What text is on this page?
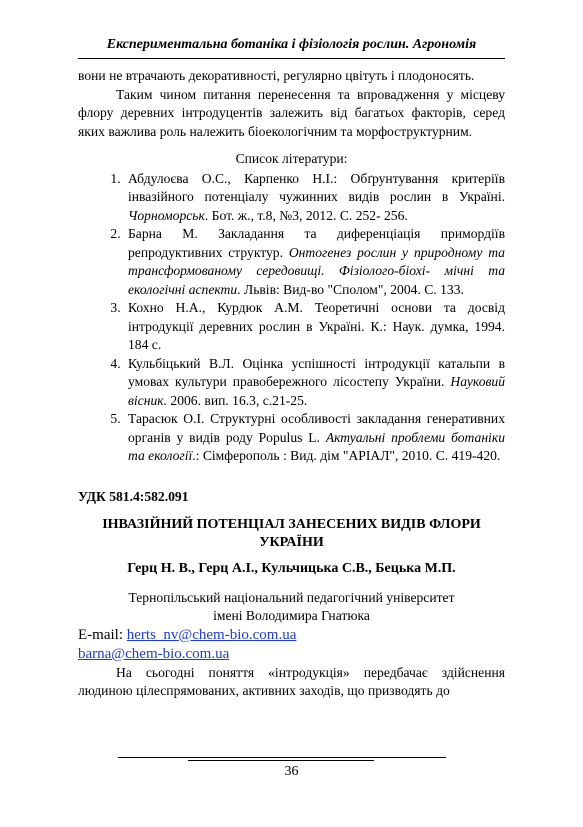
Експериментальна ботаніка і фізіологія рослин. Агрономія

вони не втрачають декоративності, регулярно цвітуть і плодоносять.

Таким чином питання перенесення та впровадження у місцеву флору деревних інтродуцентів залежить від багатьох факторів, серед яких важлива роль належить біоекологічним та морфоструктурним.

Список літератури:

1. Абдулоєва О.С., Карпенко Н.І.: Обґрунтування критеріїв інвазійного потенціалу чужинних видів рослин в Україні. Чорноморськ. Бот. ж., т.8, №3, 2012. С. 252- 256.
2. Барна М. Закладання та диференціація примордіїв репродуктивних структур. Онтогенез рослин у природному та трансформованому середовищі. Фізіолого-біохі- мічні та екологічні аспекти. Львів: Вид-во "Сполом", 2004. С. 133.
3. Кохно Н.А., Курдюк А.М. Теоретичні основи та досвід інтродукції деревних рослин в Україні. К.: Наук. думка, 1994. 184 с.
4. Кульбіцький В.Л. Оцінка успішності інтродукції катальпи в умовах культури правобережного лісостепу України. Науковий вісник. 2006. вип. 16.3, с.21-25.
5. Тарасюк О.І. Структурні особливості закладання генеративних органів у видів роду Populus L. Актуальні проблеми ботаніки та екології.: Сімферополь : Вид. дім "АРІАЛ", 2010. С. 419-420.

УДК 581.4:582.091

ІНВАЗІЙНИЙ ПОТЕНЦІАЛ ЗАНЕСЕНИХ ВИДІВ ФЛОРИ УКРАЇНИ

Герц Н. В., Герц А.І., Кульчицька С.В., Бецька М.П.

Тернопільський національний педагогічний університет
імені Володимира Гнатюка

E-mail: herts_nv@chem-bio.com.ua

barna@chem-bio.com.ua

На сьогодні поняття «інтродукція» передбачає здійснення людиною цілеспрямованих, активних заходів, що призводять до

36
